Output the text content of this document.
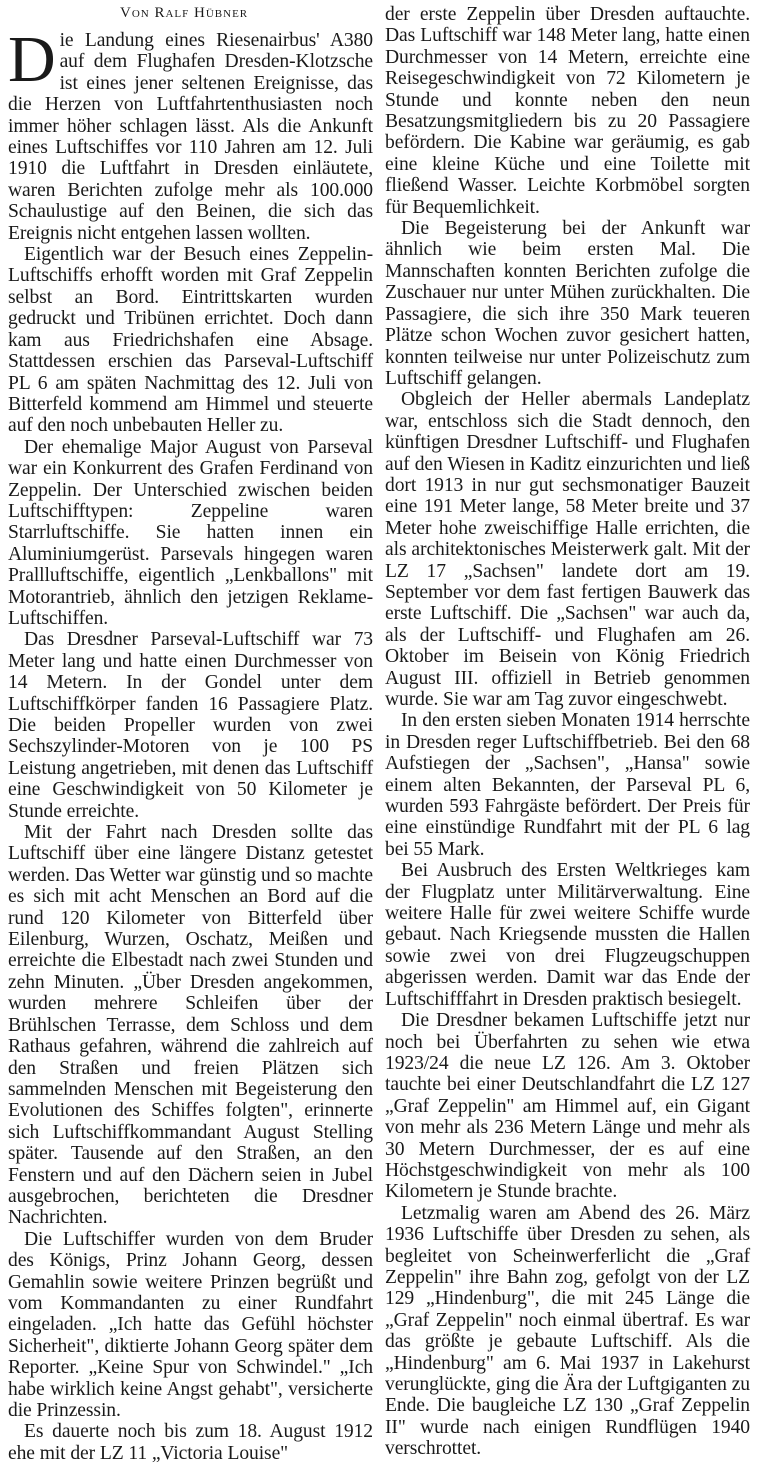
Von Ralf Hübner

Die Landung eines Riesenairbus' A380 auf dem Flughafen Dresden-Klotzsche ist eines jener seltenen Ereignisse, das die Herzen von Luftfahrtenthusiasten noch immer höher schlagen lässt. Als die Ankunft eines Luftschiffes vor 110 Jahren am 12. Juli 1910 die Luftfahrt in Dresden einläutete, waren Berichten zufolge mehr als 100.000 Schaulustige auf den Beinen, die sich das Ereignis nicht entgehen lassen wollten.

Eigentlich war der Besuch eines Zeppelin-Luftschiffs erhofft worden mit Graf Zeppelin selbst an Bord. Eintrittskarten wurden gedruckt und Tribünen errichtet. Doch dann kam aus Friedrichshafen eine Absage. Stattdessen erschien das Parseval-Luftschiff PL 6 am späten Nachmittag des 12. Juli von Bitterfeld kommend am Himmel und steuerte auf den noch unbebauten Heller zu.

Der ehemalige Major August von Parseval war ein Konkurrent des Grafen Ferdinand von Zeppelin. Der Unterschied zwischen beiden Luftschifftypen: Zeppeline waren Starrluftschiffe. Sie hatten innen ein Aluminiumgerüst. Parsevals hingegen waren Prallluftschiffe, eigentlich „Lenkballons" mit Motorantrieb, ähnlich den jetzigen Reklame-Luftschiffen.

Das Dresdner Parseval-Luftschiff war 73 Meter lang und hatte einen Durchmesser von 14 Metern. In der Gondel unter dem Luftschiffkörper fanden 16 Passagiere Platz. Die beiden Propeller wurden von zwei Sechszylinder-Motoren von je 100 PS Leistung angetrieben, mit denen das Luftschiff eine Geschwindigkeit von 50 Kilometer je Stunde erreichte.

Mit der Fahrt nach Dresden sollte das Luftschiff über eine längere Distanz getestet werden. Das Wetter war günstig und so machte es sich mit acht Menschen an Bord auf die rund 120 Kilometer von Bitterfeld über Eilenburg, Wurzen, Oschatz, Meißen und erreichte die Elbestadt nach zwei Stunden und zehn Minuten. „Über Dresden angekommen, wurden mehrere Schleifen über der Brühlschen Terrasse, dem Schloss und dem Rathaus gefahren, während die zahlreich auf den Straßen und freien Plätzen sich sammelnden Menschen mit Begeisterung den Evolutionen des Schiffes folgten", erinnerte sich Luftschiffkommandant August Stelling später. Tausende auf den Straßen, an den Fenstern und auf den Dächern seien in Jubel ausgebrochen, berichteten die Dresdner Nachrichten.

Die Luftschiffer wurden von dem Bruder des Königs, Prinz Johann Georg, dessen Gemahlin sowie weitere Prinzen begrüßt und vom Kommandanten zu einer Rundfahrt eingeladen. „Ich hatte das Gefühl höchster Sicherheit", diktierte Johann Georg später dem Reporter. „Keine Spur von Schwindel." „Ich habe wirklich keine Angst gehabt", versicherte die Prinzessin.

Es dauerte noch bis zum 18. August 1912 ehe mit der LZ 11 „Victoria Louise"

der erste Zeppelin über Dresden auftauchte. Das Luftschiff war 148 Meter lang, hatte einen Durchmesser von 14 Metern, erreichte eine Reisegeschwindigkeit von 72 Kilometern je Stunde und konnte neben den neun Besatzungsmitgliedern bis zu 20 Passagiere befördern. Die Kabine war geräumig, es gab eine kleine Küche und eine Toilette mit fließend Wasser. Leichte Korbmöbel sorgten für Bequemlichkeit.

Die Begeisterung bei der Ankunft war ähnlich wie beim ersten Mal. Die Mannschaften konnten Berichten zufolge die Zuschauer nur unter Mühen zurückhalten. Die Passagiere, die sich ihre 350 Mark teueren Plätze schon Wochen zuvor gesichert hatten, konnten teilweise nur unter Polizeischutz zum Luftschiff gelangen.

Obgleich der Heller abermals Landeplatz war, entschloss sich die Stadt dennoch, den künftigen Dresdner Luftschiff- und Flughafen auf den Wiesen in Kaditz einzurichten und ließ dort 1913 in nur gut sechsmonatiger Bauzeit eine 191 Meter lange, 58 Meter breite und 37 Meter hohe zweischiffige Halle errichten, die als architektonisches Meisterwerk galt. Mit der LZ 17 „Sachsen" landete dort am 19. September vor dem fast fertigen Bauwerk das erste Luftschiff. Die „Sachsen" war auch da, als der Luftschiff- und Flughafen am 26. Oktober im Beisein von König Friedrich August III. offiziell in Betrieb genommen wurde. Sie war am Tag zuvor eingeschwebt.

In den ersten sieben Monaten 1914 herrschte in Dresden reger Luftschiffbetrieb. Bei den 68 Aufstiegen der „Sachsen", „Hansa" sowie einem alten Bekannten, der Parseval PL 6, wurden 593 Fahrgäste befördert. Der Preis für eine einstündige Rundfahrt mit der PL 6 lag bei 55 Mark.

Bei Ausbruch des Ersten Weltkrieges kam der Flugplatz unter Militärverwaltung. Eine weitere Halle für zwei weitere Schiffe wurde gebaut. Nach Kriegsende mussten die Hallen sowie zwei von drei Flugzeugschuppen abgerissen werden. Damit war das Ende der Luftschifffahrt in Dresden praktisch besiegelt.

Die Dresdner bekamen Luftschiffe jetzt nur noch bei Überfahrten zu sehen wie etwa 1923/24 die neue LZ 126. Am 3. Oktober tauchte bei einer Deutschlandfahrt die LZ 127 „Graf Zeppelin" am Himmel auf, ein Gigant von mehr als 236 Metern Länge und mehr als 30 Metern Durchmesser, der es auf eine Höchstgeschwindigkeit von mehr als 100 Kilometern je Stunde brachte.

Letzmalig waren am Abend des 26. März 1936 Luftschiffe über Dresden zu sehen, als begleitet von Scheinwerferlicht die „Graf Zeppelin" ihre Bahn zog, gefolgt von der LZ 129 „Hindenburg", die mit 245 Länge die „Graf Zeppelin" noch einmal übertraf. Es war das größte je gebaute Luftschiff. Als die „Hindenburg" am 6. Mai 1937 in Lakehurst verunglückte, ging die Ära der Luftgiganten zu Ende. Die baugleiche LZ 130 „Graf Zeppelin II" wurde nach einigen Rundflügen 1940 verschrottet.
